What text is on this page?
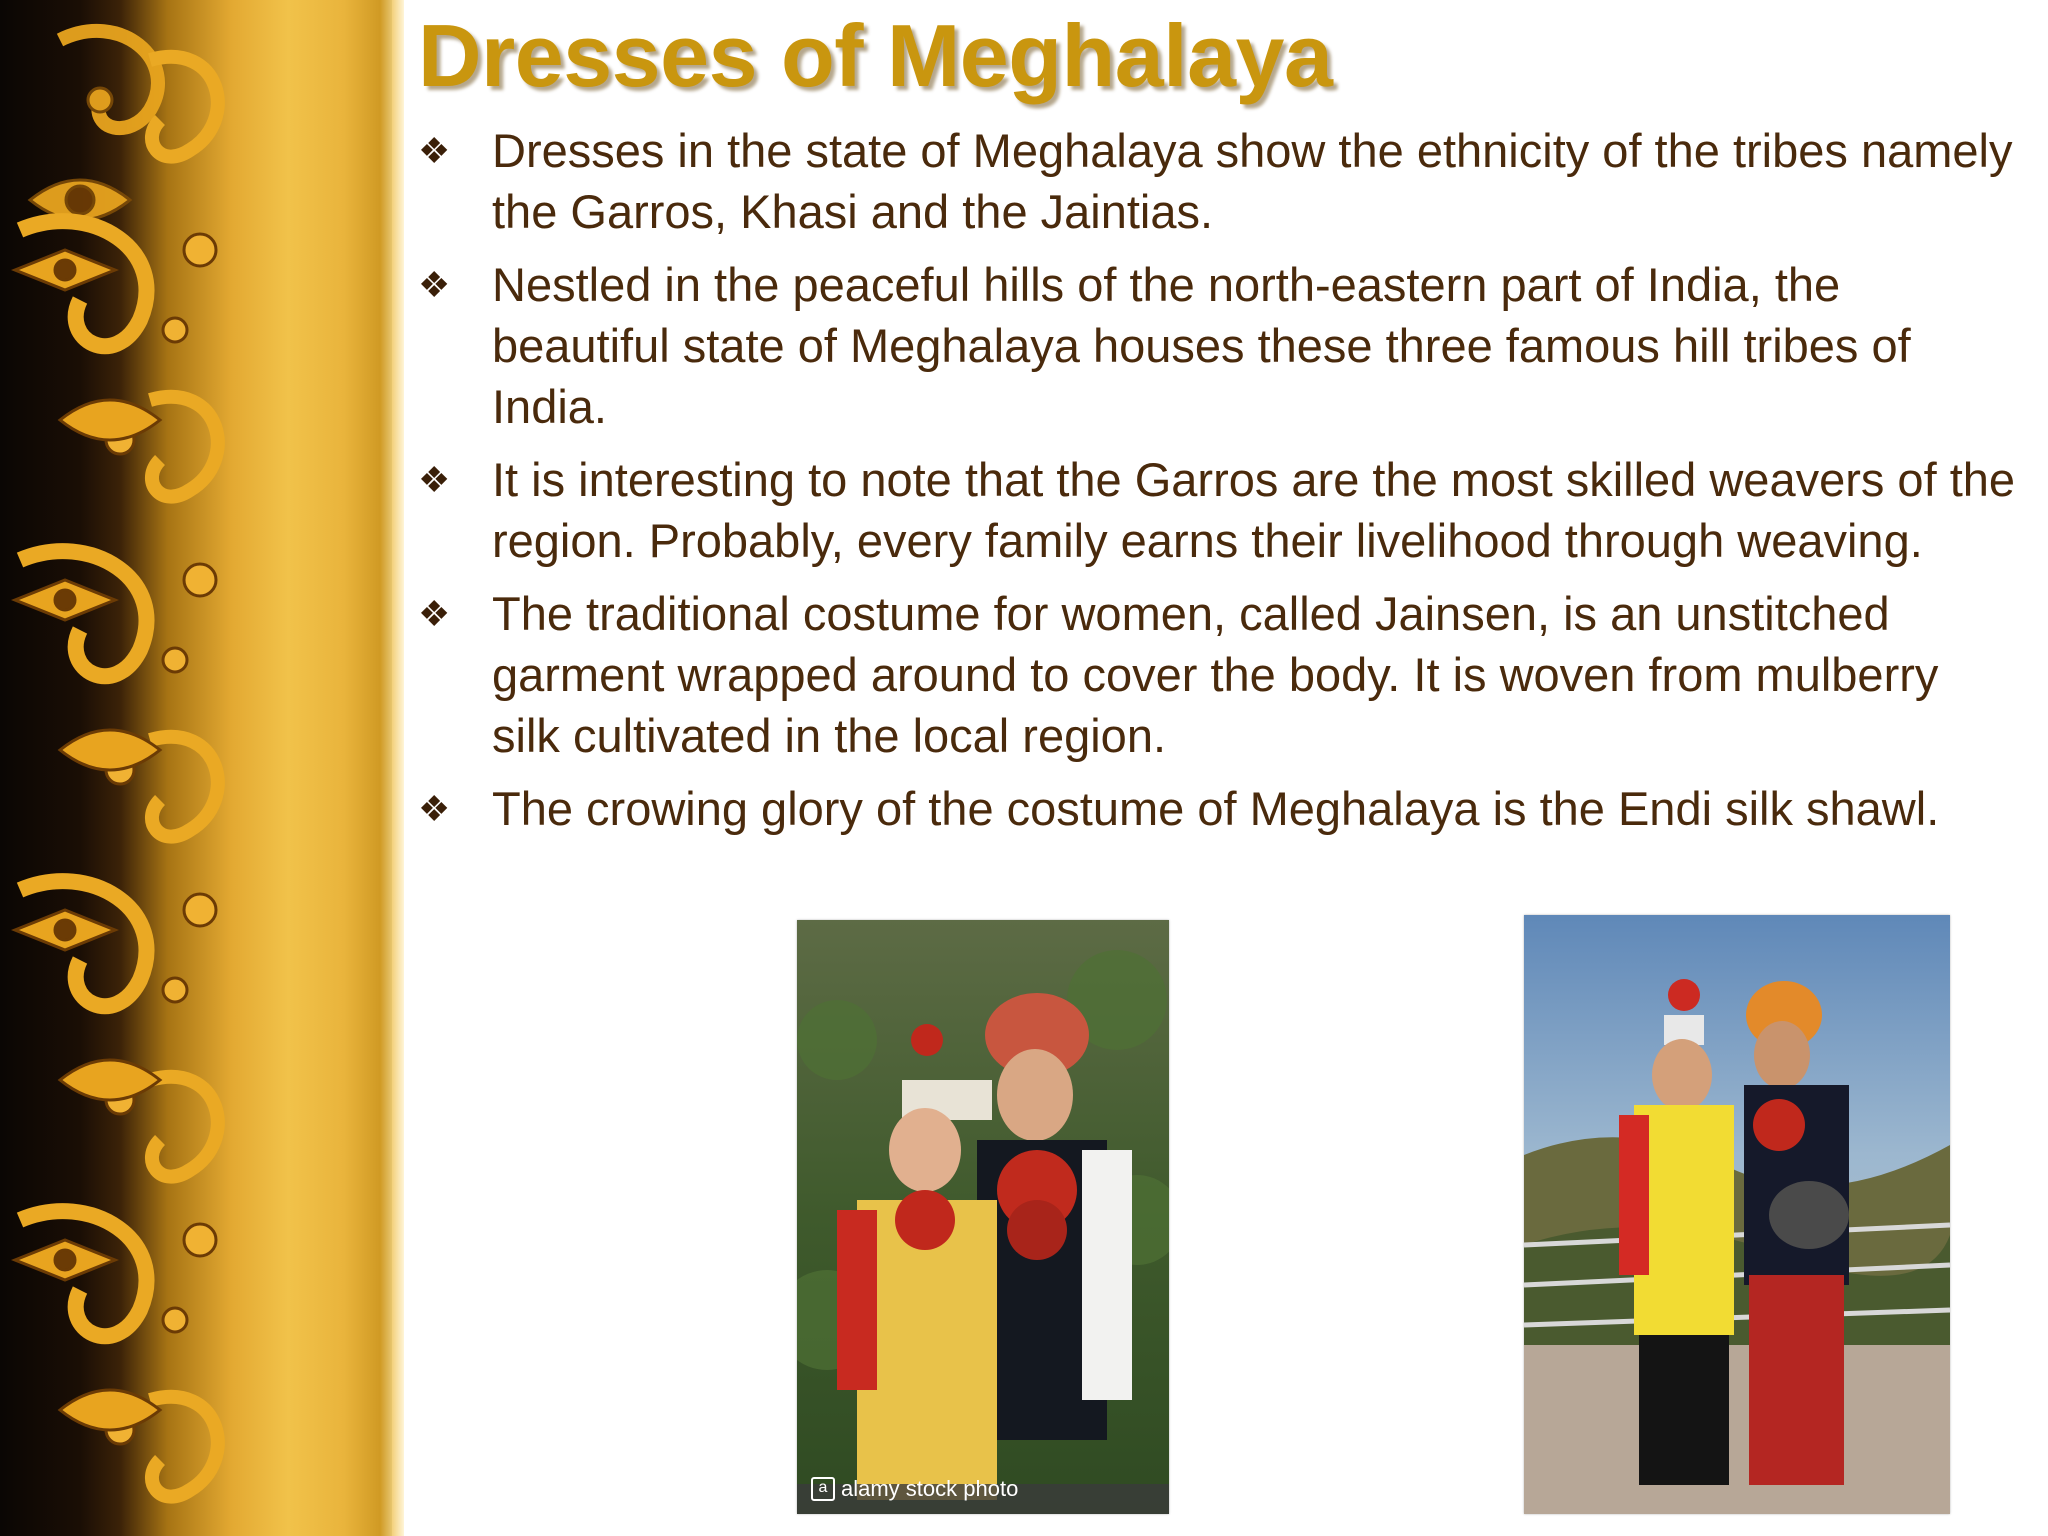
Dresses of Meghalaya
❖ Dresses in the state of Meghalaya show the ethnicity of the tribes namely the Garros, Khasi and the Jaintias.
❖ Nestled in the peaceful hills of the north-eastern part of India, the beautiful state of Meghalaya houses these three famous hill tribes of India.
❖ It is interesting to note that the Garros are the most skilled weavers of the region. Probably, every family earns their livelihood through weaving.
❖ The traditional costume for women, called Jainsen, is an unstitched garment wrapped around to cover the body. It is woven from mulberry silk cultivated in the local region.
❖ The crowing glory of the costume of Meghalaya is the Endi silk shawl.
a alamy stock photo
